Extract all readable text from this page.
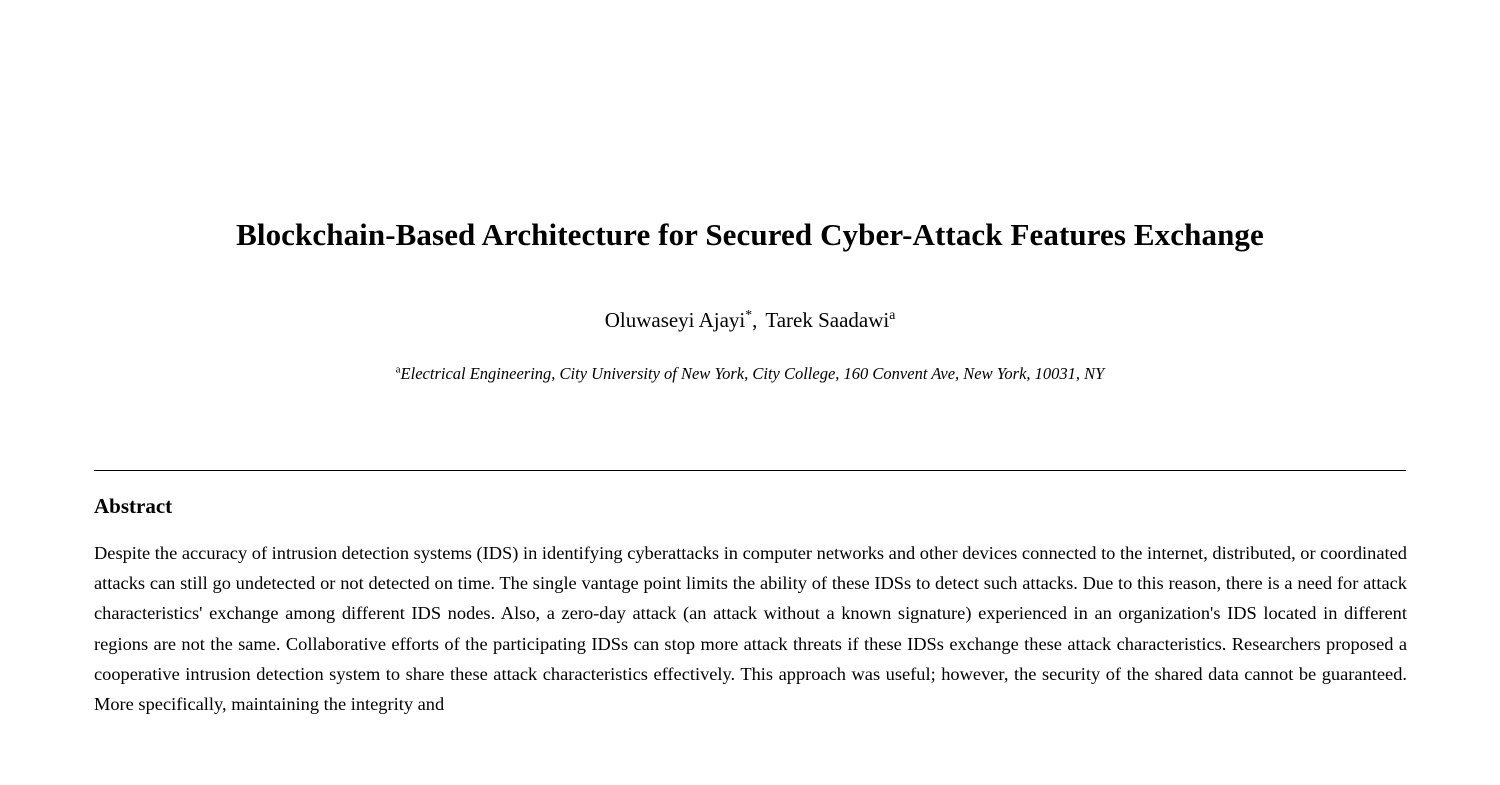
Blockchain-Based Architecture for Secured Cyber-Attack Features Exchange

Oluwaseyi Ajayi*, Tarek Saadawi$^a$

$^a$Electrical Engineering, City University of New York, City College, 160 Convent Ave, New York, 10031, NY

Abstract

Despite the accuracy of intrusion detection systems (IDS) in identifying cyberattacks in computer networks and other devices connected to the internet, distributed, or coordinated attacks can still go undetected or not detected on time. The single vantage point limits the ability of these IDSs to detect such attacks. Due to this reason, there is a need for attack characteristics' exchange among different IDS nodes. Also, a zero-day attack (an attack without a known signature) experienced in an organization's IDS located in different regions are not the same. Collaborative efforts of the participating IDSs can stop more attack threats if these IDSs exchange these attack characteristics. Researchers proposed a cooperative intrusion detection system to share these attack characteristics effectively. This approach was useful; however, the security of the shared data cannot be guaranteed. More specifically, maintaining the integrity and
